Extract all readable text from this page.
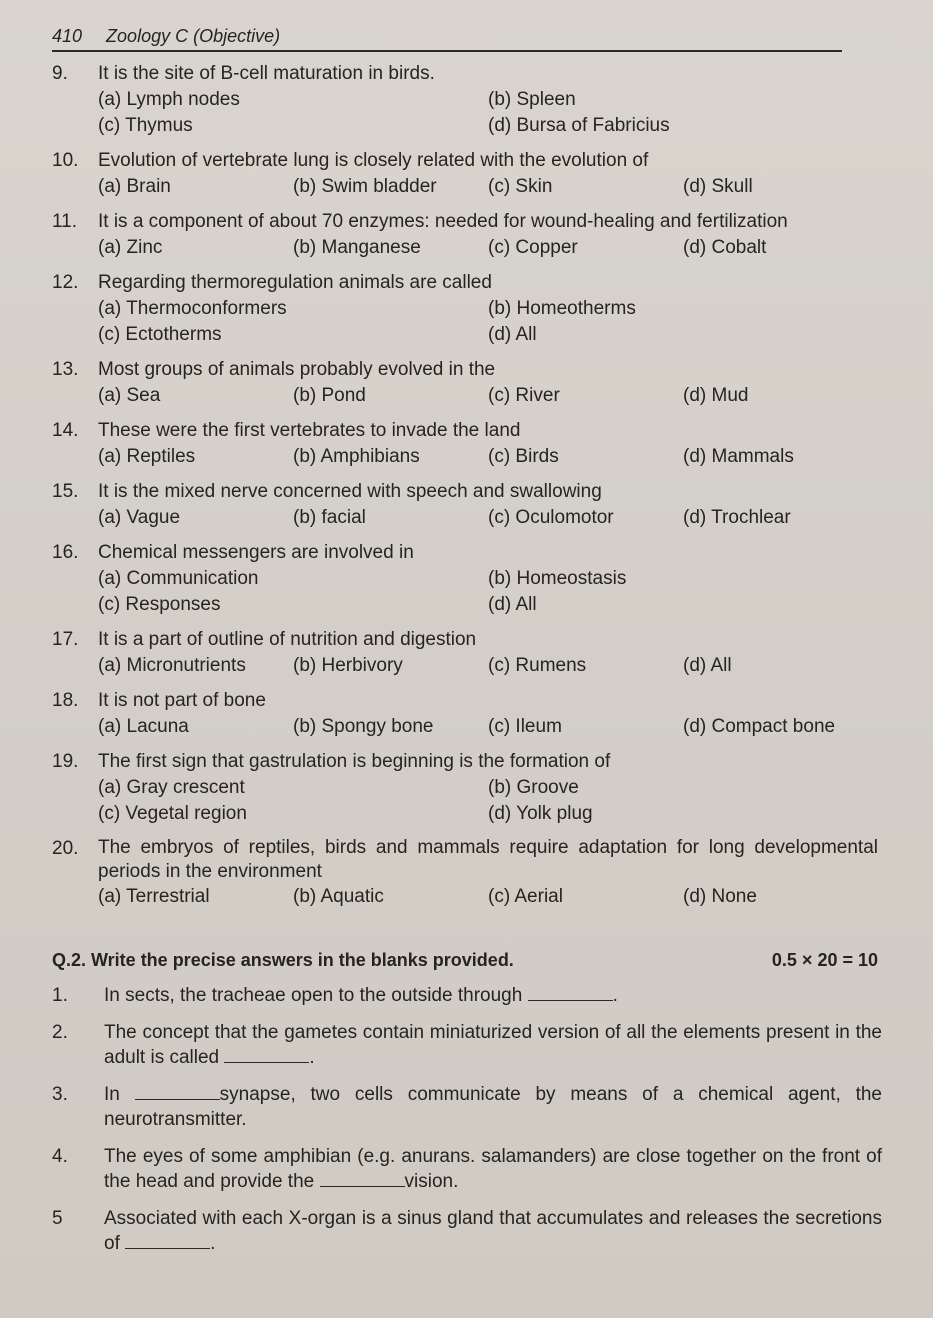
410 Zoology C (Objective)
9.	It is the site of B-cell maturation in birds.
(a) Lymph nodes	(b) Spleen
(c) Thymus	(d) Bursa of Fabricius
10.	Evolution of vertebrate lung is closely related with the evolution of
(a) Brain	(b) Swim bladder	(c) Skin	(d) Skull
11.	It is a component of about 70 enzymes: needed for wound-healing and fertilization
(a) Zinc	(b) Manganese	(c) Copper	(d) Cobalt
12.	Regarding thermoregulation animals are called
(a) Thermoconformers	(b) Homeotherms
(c) Ectotherms	(d) All
13.	Most groups of animals probably evolved in the
(a) Sea	(b) Pond	(c) River	(d) Mud
14.	These were the first vertebrates to invade the land
(a) Reptiles	(b) Amphibians	(c) Birds	(d) Mammals
15.	It is the mixed nerve concerned with speech and swallowing
(a) Vague	(b) facial	(c) Oculomotor	(d) Trochlear
16.	Chemical messengers are involved in
(a) Communication	(b) Homeostasis
(c) Responses	(d) All
17.	It is a part of outline of nutrition and digestion
(a) Micronutrients	(b) Herbivory	(c) Rumens	(d) All
18.	It is not part of bone
(a) Lacuna	(b) Spongy bone	(c) Ileum	(d) Compact bone
19.	The first sign that gastrulation is beginning is the formation of
(a) Gray crescent	(b) Groove
(c) Vegetal region	(d) Yolk plug
20.	The embryos of reptiles, birds and mammals require adaptation for long developmental periods in the environment
(a) Terrestrial	(b) Aquatic	(c) Aerial	(d) None
Q.2. Write the precise answers in the blanks provided.	0.5 × 20 = 10
1.	In sects, the tracheae open to the outside through	.
2.	The concept that the gametes contain miniaturized version of all the elements present in the adult is called	.
3.	In	synapse, two cells communicate by means of a chemical agent, the neurotransmitter.
4.	The eyes of some amphibian (e.g. anurans. salamanders) are close together on the front of the head and provide the	vision.
5	Associated with each X-organ is a sinus gland that accumulates and releases the secretions of	.
